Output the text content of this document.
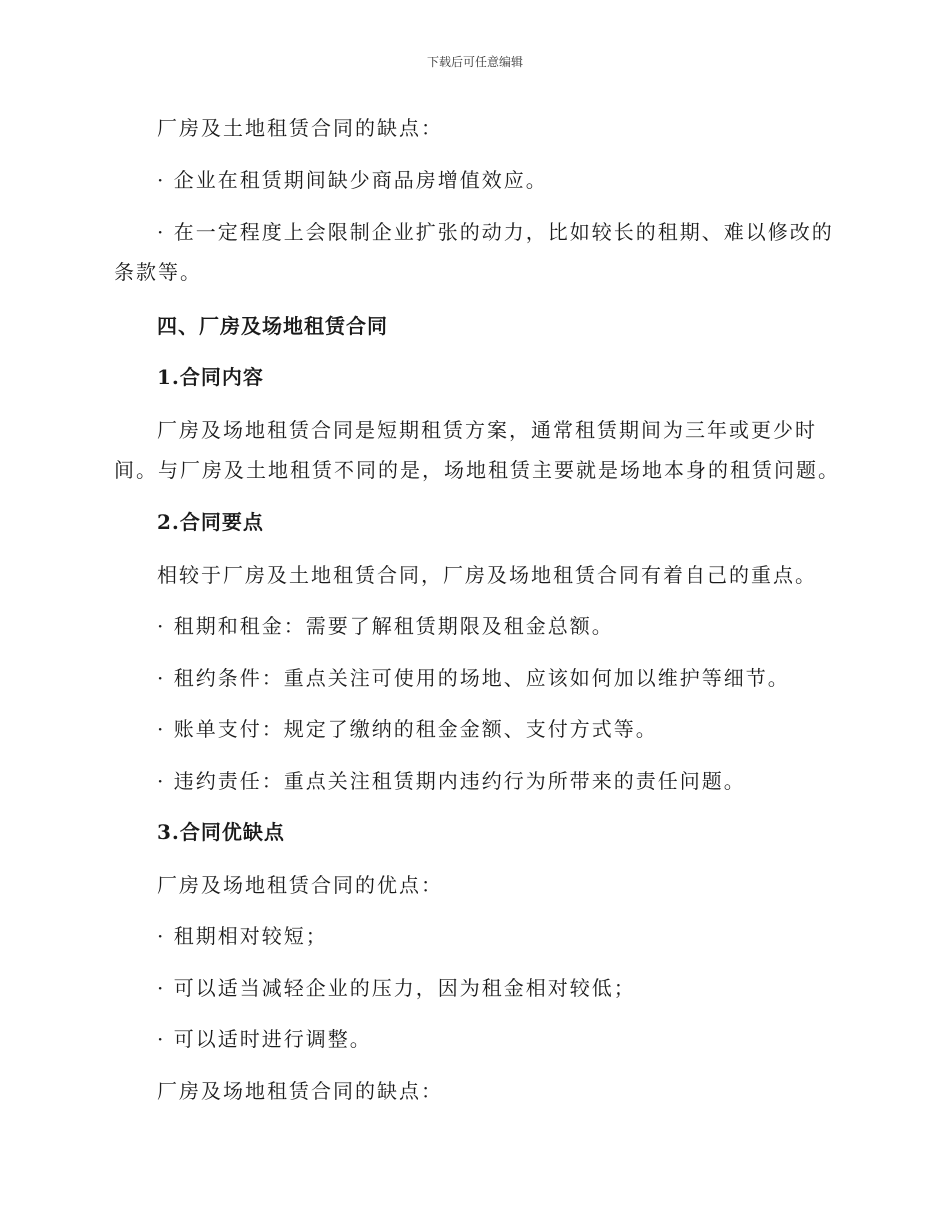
下载后可任意编辑
厂房及土地租赁合同的缺点：
· 企业在租赁期间缺少商品房增值效应。
· 在一定程度上会限制企业扩张的动力，比如较长的租期、难以修改的
条款等。
四、厂房及场地租赁合同
1.合同内容
厂房及场地租赁合同是短期租赁方案，通常租赁期间为三年或更少时
间。与厂房及土地租赁不同的是，场地租赁主要就是场地本身的租赁问题。
2.合同要点
相较于厂房及土地租赁合同，厂房及场地租赁合同有着自己的重点。
· 租期和租金：需要了解租赁期限及租金总额。
· 租约条件：重点关注可使用的场地、应该如何加以维护等细节。
· 账单支付：规定了缴纳的租金金额、支付方式等。
· 违约责任：重点关注租赁期内违约行为所带来的责任问题。
3.合同优缺点
厂房及场地租赁合同的优点：
· 租期相对较短；
· 可以适当减轻企业的压力，因为租金相对较低；
· 可以适时进行调整。
厂房及场地租赁合同的缺点：
